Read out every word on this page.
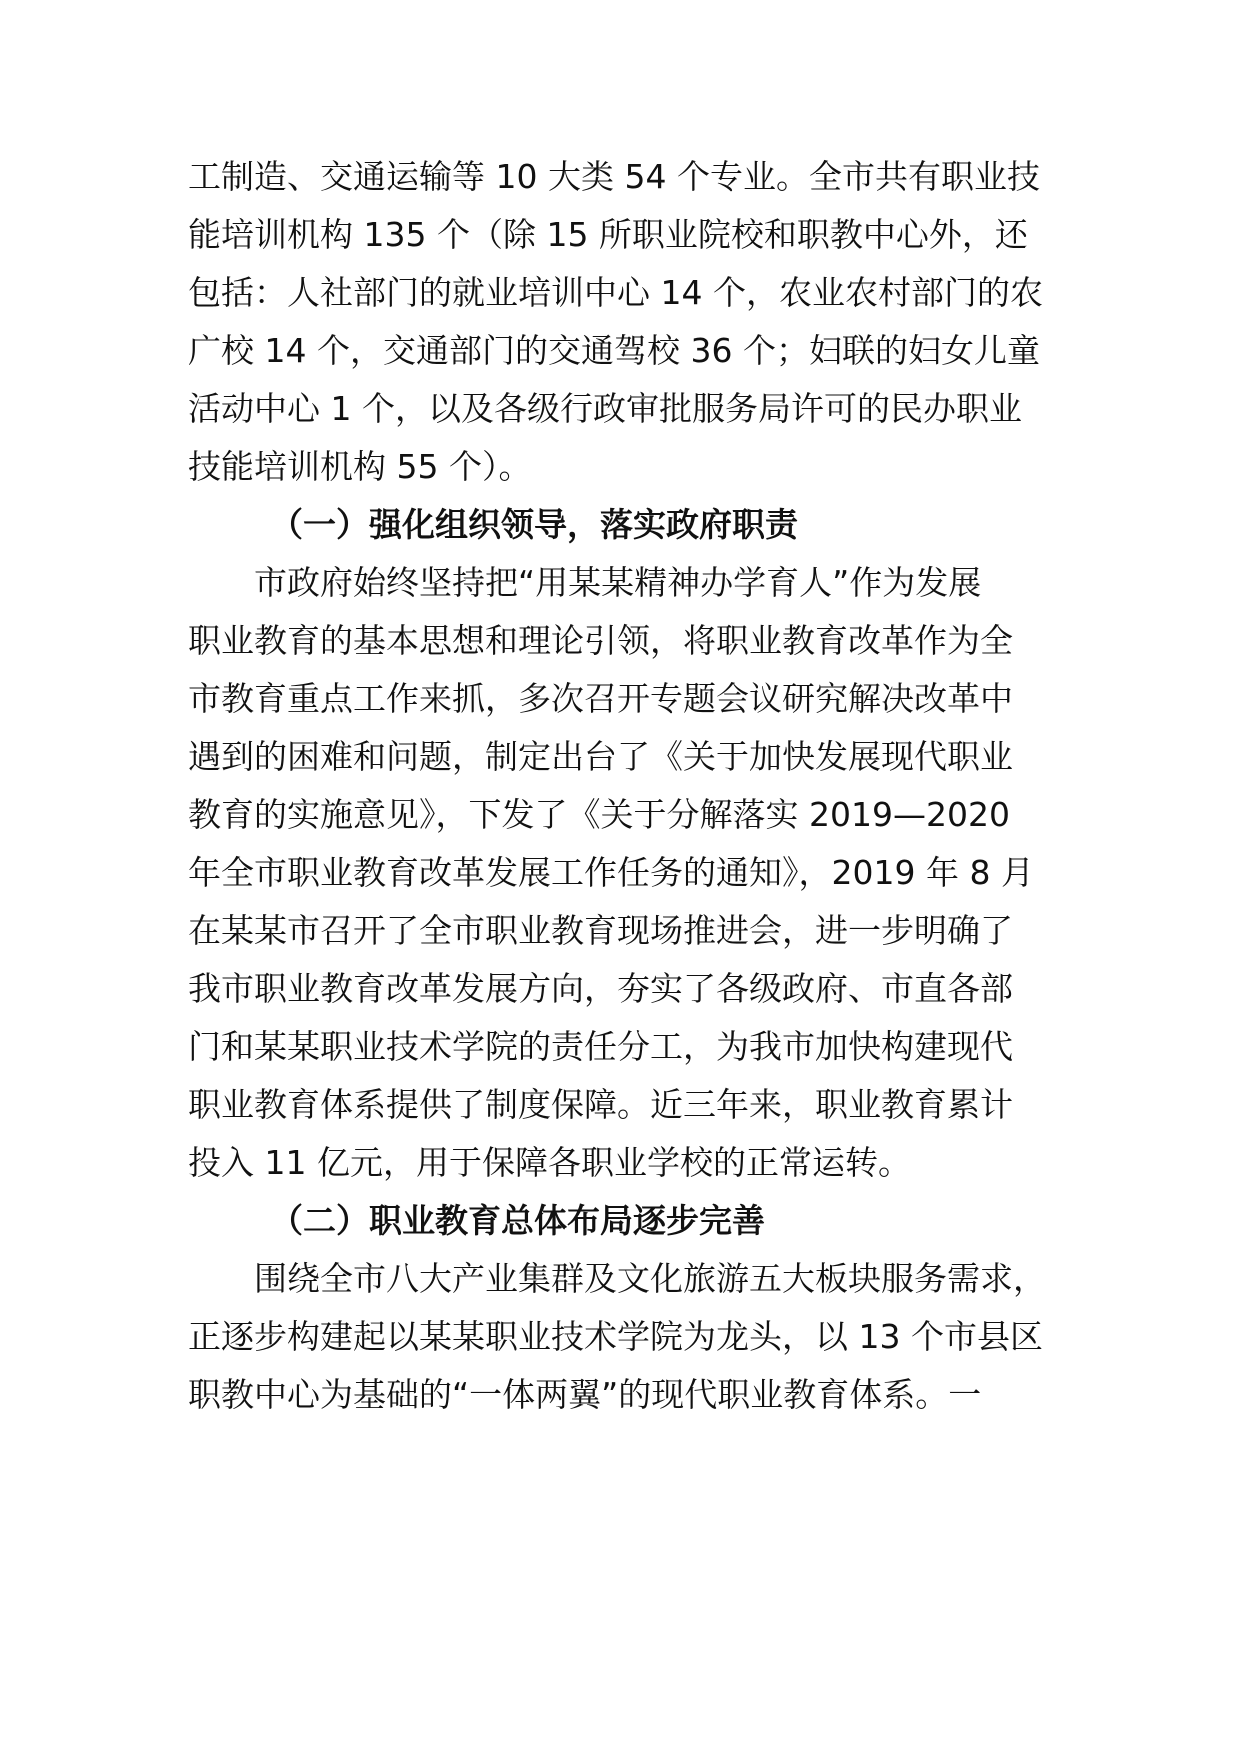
工制造、交通运输等 10 大类 54 个专业。全市共有职业技
能培训机构 135 个（除 15 所职业院校和职教中心外，还
包括：人社部门的就业培训中心 14 个，农业农村部门的农
广校 14 个，交通部门的交通驾校 36 个；妇联的妇女儿童
活动中心 1 个，以及各级行政审批服务局许可的民办职业
技能培训机构 55 个）。
（一）强化组织领导，落实政府职责
市政府始终坚持把“用某某精神办学育人”作为发展
职业教育的基本思想和理论引领，将职业教育改革作为全
市教育重点工作来抓，多次召开专题会议研究解决改革中
遇到的困难和问题，制定出台了《关于加快发展现代职业
教育的实施意见》，下发了《关于分解落实 2019—2020
年全市职业教育改革发展工作任务的通知》，2019 年 8 月
在某某市召开了全市职业教育现场推进会，进一步明确了
我市职业教育改革发展方向，夯实了各级政府、市直各部
门和某某职业技术学院的责任分工，为我市加快构建现代
职业教育体系提供了制度保障。近三年来，职业教育累计
投入 11 亿元，用于保障各职业学校的正常运转。
（二）职业教育总体布局逐步完善
围绕全市八大产业集群及文化旅游五大板块服务需求，
正逐步构建起以某某职业技术学院为龙头，以 13 个市县区
职教中心为基础的“一体两翼”的现代职业教育体系。一
